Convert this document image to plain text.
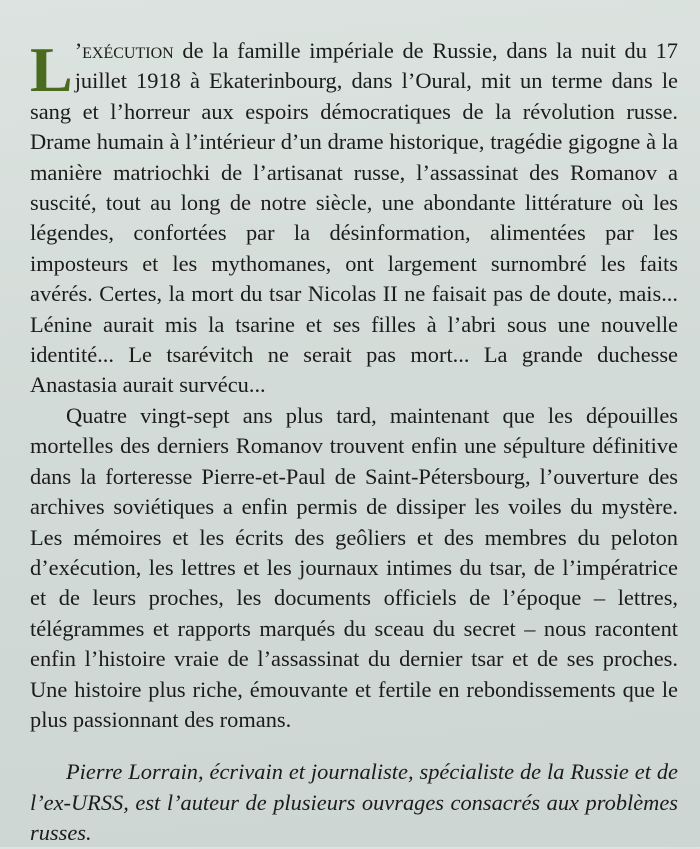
L ’exécution de la famille impériale de Russie, dans la nuit du 17 juillet 1918 à Ekaterinbourg, dans l’Oural, mit un terme dans le sang et l’horreur aux espoirs démocratiques de la révolution russe. Drame humain à l’intérieur d’un drame historique, tragédie gigogne à la manière matriochki de l’artisanat russe, l’assassinat des Romanov a suscité, tout au long de notre siècle, une abondante littérature où les légendes, confortées par la désinformation, alimentées par les imposteurs et les mythomanes, ont largement surnombré les faits avérés. Certes, la mort du tsar Nicolas II ne faisait pas de doute, mais... Lénine aurait mis la tsarine et ses filles à l’abri sous une nouvelle identité... Le tsarévitch ne serait pas mort... La grande duchesse Anastasia aurait survécu...

Quatre vingt-sept ans plus tard, maintenant que les dépouilles mortelles des derniers Romanov trouvent enfin une sépulture définitive dans la forteresse Pierre-et-Paul de Saint-Pétersbourg, l’ouverture des archives soviétiques a enfin permis de dissiper les voiles du mystère. Les mémoires et les écrits des geôliers et des membres du peloton d’exécution, les lettres et les journaux intimes du tsar, de l’impératrice et de leurs proches, les documents officiels de l’époque – lettres, télégrammes et rapports marqués du sceau du secret – nous racontent enfin l’histoire vraie de l’assassinat du dernier tsar et de ses proches. Une histoire plus riche, émouvante et fertile en rebondissements que le plus passionnant des romans.

Pierre Lorrain, écrivain et journaliste, spécialiste de la Russie et de l’ex-URSS, est l’auteur de plusieurs ouvrages consacrés aux problèmes russes.
